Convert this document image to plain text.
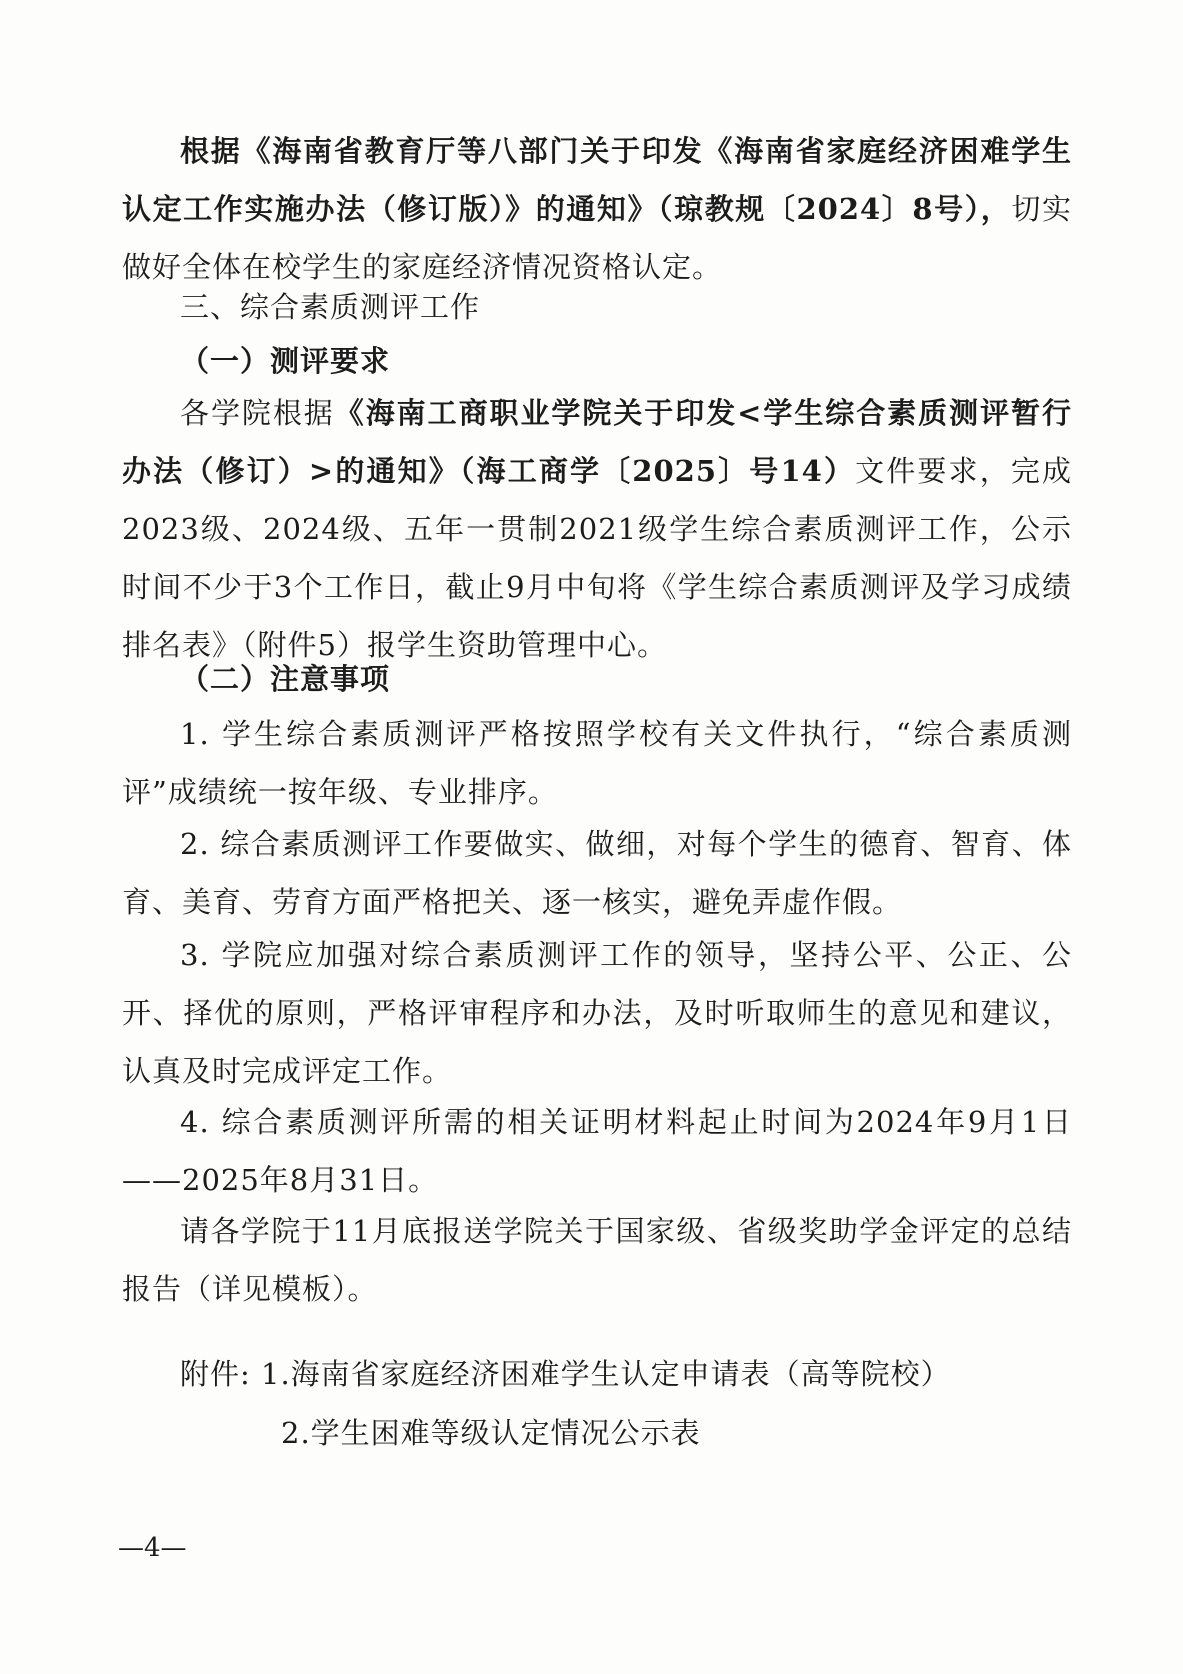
根据《海南省教育厅等八部门关于印发《海南省家庭经济困难学生认定工作实施办法（修订版）》的通知》（琼教规〔2024〕8号），切实做好全体在校学生的家庭经济情况资格认定。
三、综合素质测评工作
（一）测评要求
各学院根据《海南工商职业学院关于印发<学生综合素质测评暂行办法（修订）>的通知》（海工商学〔2025〕号14）文件要求，完成2023级、2024级、五年一贯制2021级学生综合素质测评工作，公示时间不少于3个工作日，截止9月中旬将《学生综合素质测评及学习成绩排名表》（附件5）报学生资助管理中心。
（二）注意事项
1. 学生综合素质测评严格按照学校有关文件执行，“综合素质测评”成绩统一按年级、专业排序。
2. 综合素质测评工作要做实、做细，对每个学生的德育、智育、体育、美育、劳育方面严格把关、逐一核实，避免弄虚作假。
3. 学院应加强对综合素质测评工作的领导，坚持公平、公正、公开、择优的原则，严格评审程序和办法，及时听取师生的意见和建议，认真及时完成评定工作。
4. 综合素质测评所需的相关证明材料起止时间为2024年9月1日——2025年8月31日。
请各学院于11月底报送学院关于国家级、省级奖助学金评定的总结报告（详见模板）。
附件: 1.海南省家庭经济困难学生认定申请表（高等院校）
2.学生困难等级认定情况公示表
—4—
